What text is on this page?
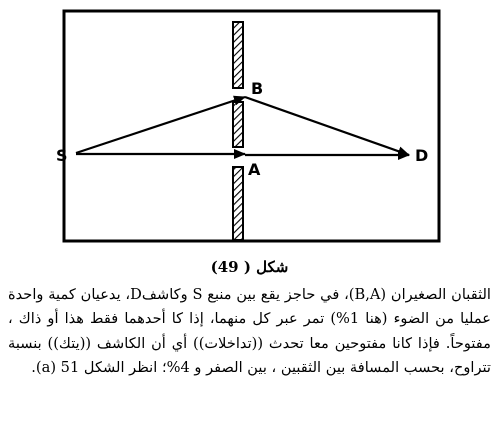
S	D
A
B
شكل ( 49)

الثقبان الصغيران (B,A)، في حاجز يقع بين منبع S وكاشفD، يدعيان كمية واحدة عمليا من الضوء (هنا 1%) تمر عبر كل منهما، إذا كا أحدهما فقط هذا أو ذاك ، مفتوحاً. فإذا كانا مفتوحين معا تحدث ((تداخلات)) أي أن الكاشف ((يتك)) بنسبة تتراوح، بحسب المسافة بين الثقبين ، بين الصفر و 4%؛ انظر الشكل 51 (a).
